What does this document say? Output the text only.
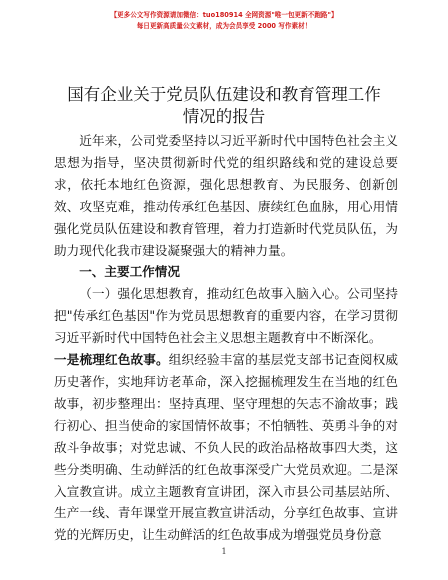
【更多公文写作资源请加微信：tuo180914 全网资源"唯一包更新不跑路"】
每日更新高质量公文素材，成为会员享受 2000 写作素材！
国有企业关于党员队伍建设和教育管理工作情况的报告

近年来，公司党委坚持以习近平新时代中国特色社会主义思想为指导，坚决贯彻新时代党的组织路线和党的建设总要求，依托本地红色资源，强化思想教育、为民服务、创新创效、攻坚克难，推动传承红色基因、赓续红色血脉，用心用情强化党员队伍建设和教育管理，着力打造新时代党员队伍，为助力现代化我市建设凝聚强大的精神力量。

一、主要工作情况

（一）强化思想教育，推动红色故事入脑入心。公司坚持把"传承红色基因"作为党员思想教育的重要内容，在学习贯彻习近平新时代中国特色社会主义思想主题教育中不断深化。

一是梳理红色故事。组织经验丰富的基层党支部书记查阅权威历史著作，实地拜访老革命，深入挖掘梳理发生在当地的红色故事，初步整理出：坚持真理、坚守理想的矢志不渝故事；践行初心、担当使命的家国情怀故事；不怕牺牲、英勇斗争的对敌斗争故事；对党忠诚、不负人民的政治品格故事四大类，这些分类明确、生动鲜活的红色故事深受广大党员欢迎。二是深入宣教宣讲。成立主题教育宣讲团，深入市县公司基层站所、生产一线、青年课堂开展宣教宣讲活动，分享红色故事、宣讲党的光辉历史，让生动鲜活的红色故事成为增强党员身份意

1
